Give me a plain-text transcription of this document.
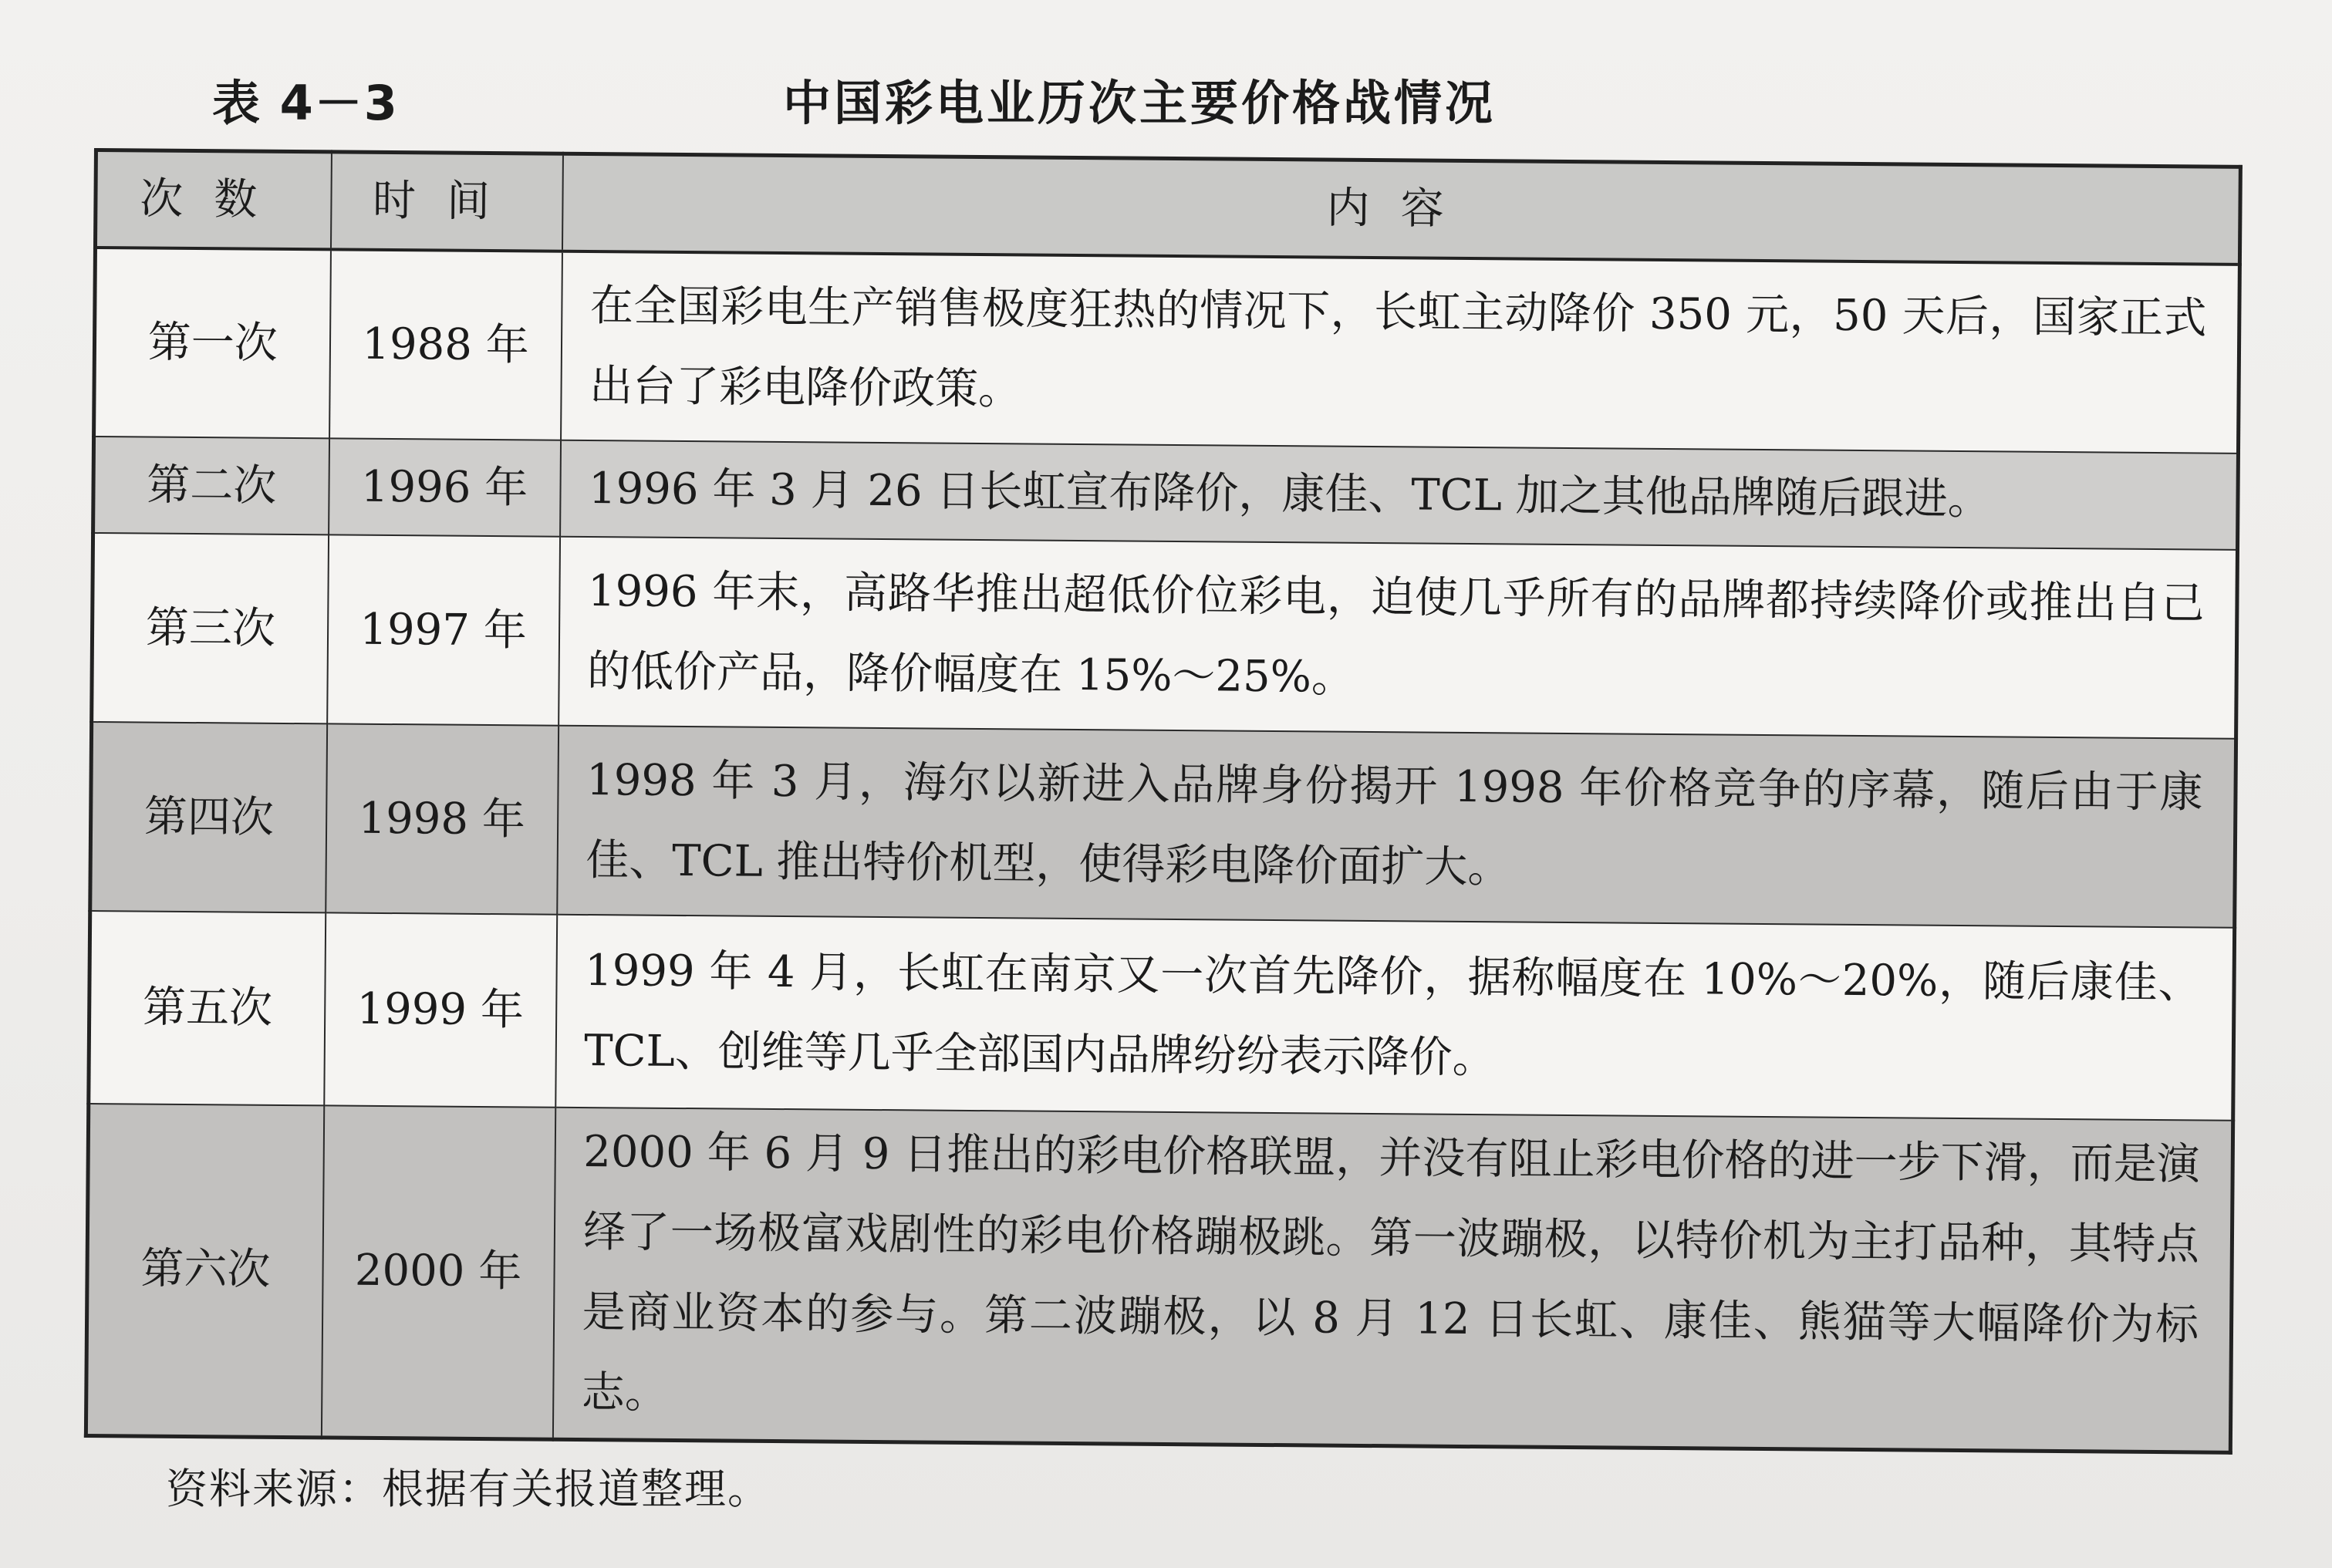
表 4－3	中国彩电业历次主要价格战情况
次数	时间	内容
第一次	1988 年	在全国彩电生产销售极度狂热的情况下，长虹主动降价 350 元，50 天后，国家正式出台了彩电降价政策。
第二次	1996 年	1996 年 3 月 26 日长虹宣布降价，康佳、TCL 加之其他品牌随后跟进。
第三次	1997 年	1996 年末，高路华推出超低价位彩电，迫使几乎所有的品牌都持续降价或推出自己的低价产品，降价幅度在 15%～25%。
第四次	1998 年	1998 年 3 月，海尔以新进入品牌身份揭开 1998 年价格竞争的序幕，随后由于康佳、TCL 推出特价机型，使得彩电降价面扩大。
第五次	1999 年	1999 年 4 月，长虹在南京又一次首先降价，据称幅度在 10%～20%，随后康佳、TCL、创维等几乎全部国内品牌纷纷表示降价。
第六次	2000 年	2000 年 6 月 9 日推出的彩电价格联盟，并没有阻止彩电价格的进一步下滑，而是演绎了一场极富戏剧性的彩电价格蹦极跳。第一波蹦极，以特价机为主打品种，其特点是商业资本的参与。第二波蹦极，以 8 月 12 日长虹、康佳、熊猫等大幅降价为标志。
资料来源：根据有关报道整理。
